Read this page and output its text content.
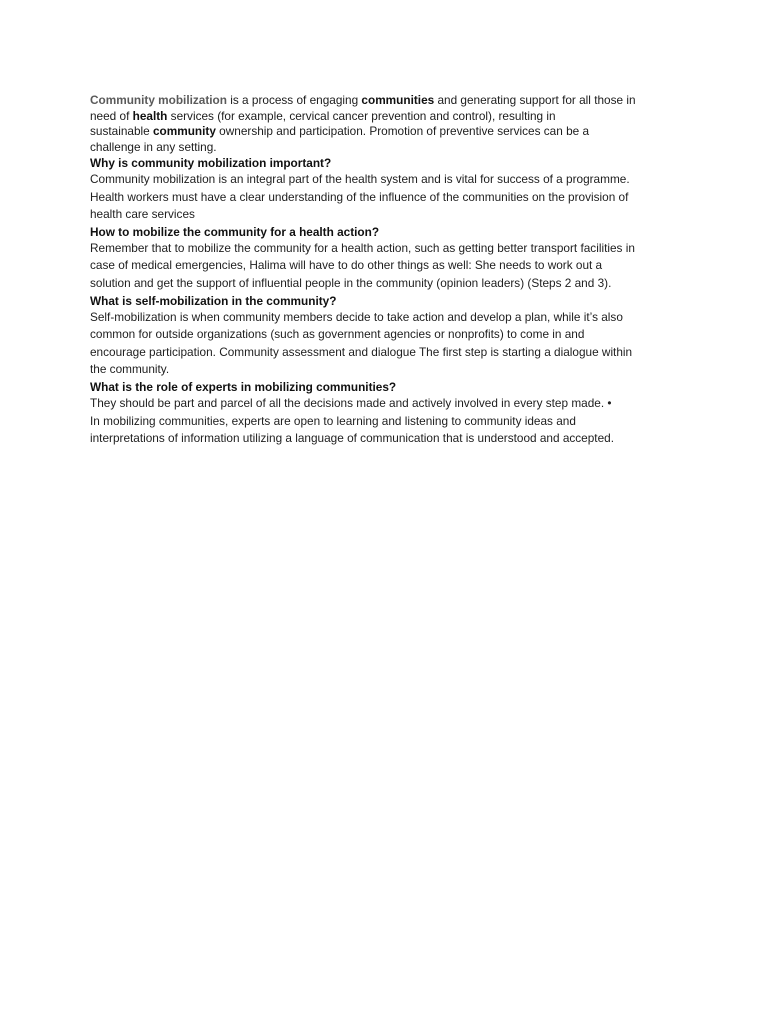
Community mobilization is a process of engaging communities and generating support for all those in
need of health services (for example, cervical cancer prevention and control), resulting in
sustainable community ownership and participation. Promotion of preventive services can be a
challenge in any setting.

Why is community mobilization important?

Community mobilization is an integral part of the health system and is vital for success of a programme.
Health workers must have a clear understanding of the influence of the communities on the provision of
health care services

How to mobilize the community for a health action?

Remember that to mobilize the community for a health action, such as getting better transport facilities in
case of medical emergencies, Halima will have to do other things as well: She needs to work out a
solution and get the support of influential people in the community (opinion leaders) (Steps 2 and 3).

What is self-mobilization in the community?

Self-mobilization is when community members decide to take action and develop a plan, while it’s also
common for outside organizations (such as government agencies or nonprofits) to come in and
encourage participation. Community assessment and dialogue The first step is starting a dialogue within
the community.

What is the role of experts in mobilizing communities?

They should be part and parcel of all the decisions made and actively involved in every step made. •
In mobilizing communities, experts are open to learning and listening to community ideas and
interpretations of information utilizing a language of communication that is understood and accepted.
